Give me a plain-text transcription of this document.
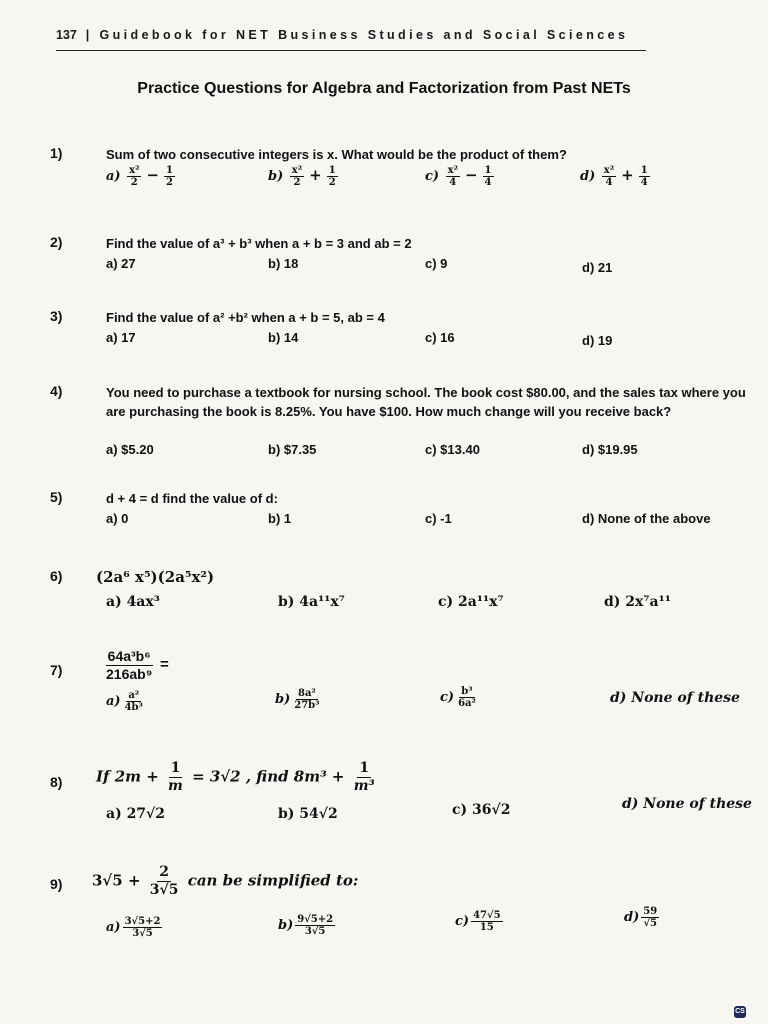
137 | Guidebook for NET Business Studies and Social Sciences
Practice Questions for Algebra and Factorization from Past NETs
1)	Sum of two consecutive integers is x. What would be the product of them?
$a) \frac{\text{x²}}{2} - \frac{1}{2}$	$b) \frac{\text{x²}}{2} + \frac{1}{2}$	$c) \frac{\text{x²}}{4} - \frac{1}{4}$	$d) \frac{\text{x²}}{4} + \frac{1}{4}$
2)	Find the value of a³ + b³ when a + b = 3 and ab = 2
a) 27	b) 18	c) 9	d) 21
3)	Find the value of a² +b² when a + b = 5, ab = 4
a) 17	b) 14	c) 16	d) 19
4)	You need to purchase a textbook for nursing school. The book cost $80.00, and the sales tax where you are purchasing the book is 8.25%. You have $100. How much change will you receive back?
a) $5.20	b) $7.35	c) $13.40	d) $19.95
5)	d + 4 = d find the value of d:
a) 0	b) 1	c) -1	d) None of the above
6) (2a⁶ x⁵)(2a⁵x²)
a) 4ax³	b) 4a¹¹x⁷	c) 2a¹¹x⁷	d) 2x⁷a¹¹
7)	$\frac{\text{64a³b⁶}}{\text{216ab⁹}}$ =
$a) \frac{\text{a²}}{\text{4b³}}$	$b) \frac{\text{8a²}}{\text{27b³}}$	$c) \frac{\text{b³}}{\text{6a²}}$	d) None of these
8) If $2m + \frac{1}{m} = 3√2$ , find $8m^3 + \frac{1}{\text{m³}}$
a) 27√2	b) 54√2	c) 36√2	d) None of these
9) $3√5 + \frac{2}{3√5}$ can be simplified to:
$a) \frac{3√5+2}{3√5}$	$b) \frac{9√5+2}{3√5}$	$c) \frac{47√5}{15}$	$d) \frac{59}{√5}$
CS
